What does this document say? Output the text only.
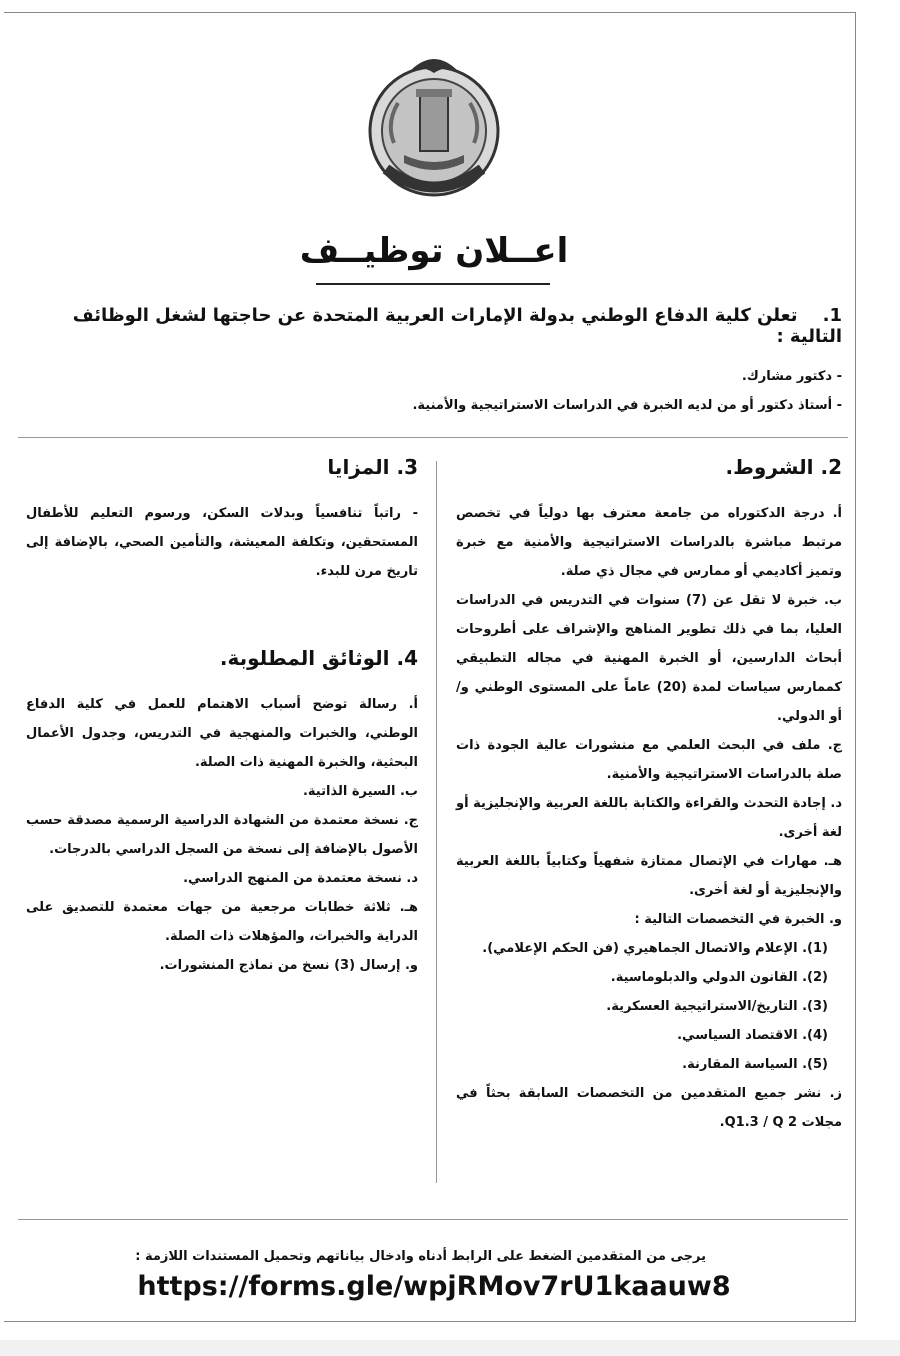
اعــلان توظيــف
1.    تعلن كلية الدفاع الوطني بدولة الإمارات العربية المتحدة عن حاجتها لشغل الوظائف التالية :
- دكتور مشارك.
- أستاذ دكتور أو من لديه الخبرة في الدراسات الاستراتيجية والأمنية.
2. الشروط.
أ. درجة الدكتوراه من جامعة معترف بها دولياً في تخصص مرتبط مباشرة بالدراسات الاستراتيجية والأمنية مع خبرة وتميز أكاديمي أو ممارس في مجال ذي صلة.
ب. خبرة لا تقل عن (7) سنوات في التدريس في الدراسات العليا، بما في ذلك تطوير المناهج والإشراف على أطروحات أبحاث الدارسين، أو الخبرة المهنية في مجاله التطبيقي كممارس سياسات لمدة (20) عاماً على المستوى الوطني و/ أو الدولي.
ج. ملف في البحث العلمي مع منشورات عالية الجودة ذات صلة بالدراسات الاستراتيجية والأمنية.
د. إجادة التحدث والقراءة والكتابة باللغة العربية والإنجليزية أو لغة أخرى.
هـ. مهارات في الإتصال ممتازة شفهياً وكتابياً باللغة العربية والإنجليزية أو لغة أخرى.
و. الخبرة في التخصصات التالية :
(1). الإعلام والاتصال الجماهيري (فن الحكم الإعلامي).
(2). القانون الدولي والدبلوماسية.
(3). التاريخ/الاستراتيجية العسكرية.
(4). الاقتصاد السياسي.
(5). السياسة المقارنة.
ز. نشر جميع المتقدمين من التخصصات السابقة بحثاً في مجلات Q1.3 / Q 2.
3. المزايا
- راتباً تنافسياً وبدلات السكن، ورسوم التعليم للأطفال المستحقين، وتكلفة المعيشة، والتأمين الصحي، بالإضافة إلى تاريخ مرن للبدء.
4. الوثائق المطلوبة.
أ. رسالة توضح أسباب الاهتمام للعمل في كلية الدفاع الوطني، والخبرات والمنهجية في التدريس، وجدول الأعمال البحثية، والخبرة المهنية ذات الصلة.
ب. السيرة الذاتية.
ج. نسخة معتمدة من الشهادة الدراسية الرسمية مصدقة حسب الأصول بالإضافة إلى نسخة من السجل الدراسي بالدرجات.
د. نسخة معتمدة من المنهج الدراسي.
هـ. ثلاثة خطابات مرجعية من جهات معتمدة للتصديق على الدراية والخبرات، والمؤهلات ذات الصلة.
و. إرسال (3) نسخ من نماذج المنشورات.
يرجى من المتقدمين الضغط على الرابط أدناه وادخال بياناتهم وتحميل المستندات اللازمة :
https://forms.gle/wpjRMov7rU1kaauw8
